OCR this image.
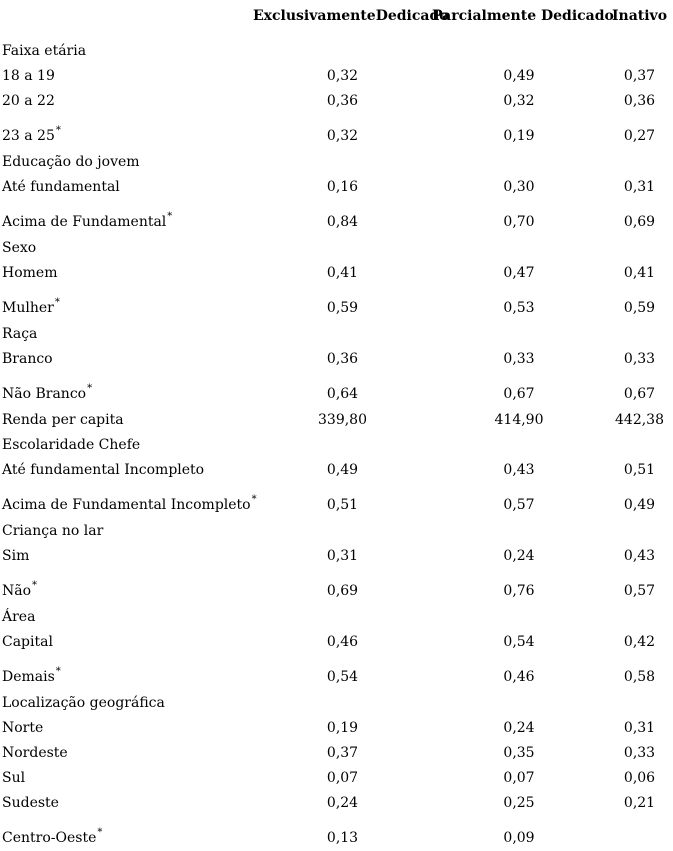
	ExclusivamenteDedicado	Parcialmente Dedicado	Inativo
Faixa etária			
18 a 19	0,32	0,49	0,37
20 a 22	0,36	0,32	0,36
23 a 25*	0,32	0,19	0,27
Educação do jovem			
Até fundamental	0,16	0,30	0,31
Acima de Fundamental*	0,84	0,70	0,69
Sexo			
Homem	0,41	0,47	0,41
Mulher*	0,59	0,53	0,59
Raça			
Branco	0,36	0,33	0,33
Não Branco*	0,64	0,67	0,67
Renda per capita	339,80	414,90	442,38
Escolaridade Chefe			
Até fundamental Incompleto	0,49	0,43	0,51
Acima de Fundamental Incompleto*	0,51	0,57	0,49
Criança no lar			
Sim	0,31	0,24	0,43
Não*	0,69	0,76	0,57
Área			
Capital	0,46	0,54	0,42
Demais*	0,54	0,46	0,58
Localização geográfica			
Norte	0,19	0,24	0,31
Nordeste	0,37	0,35	0,33
Sul	0,07	0,07	0,06
Sudeste	0,24	0,25	0,21
Centro-Oeste*	0,13	0,09	
